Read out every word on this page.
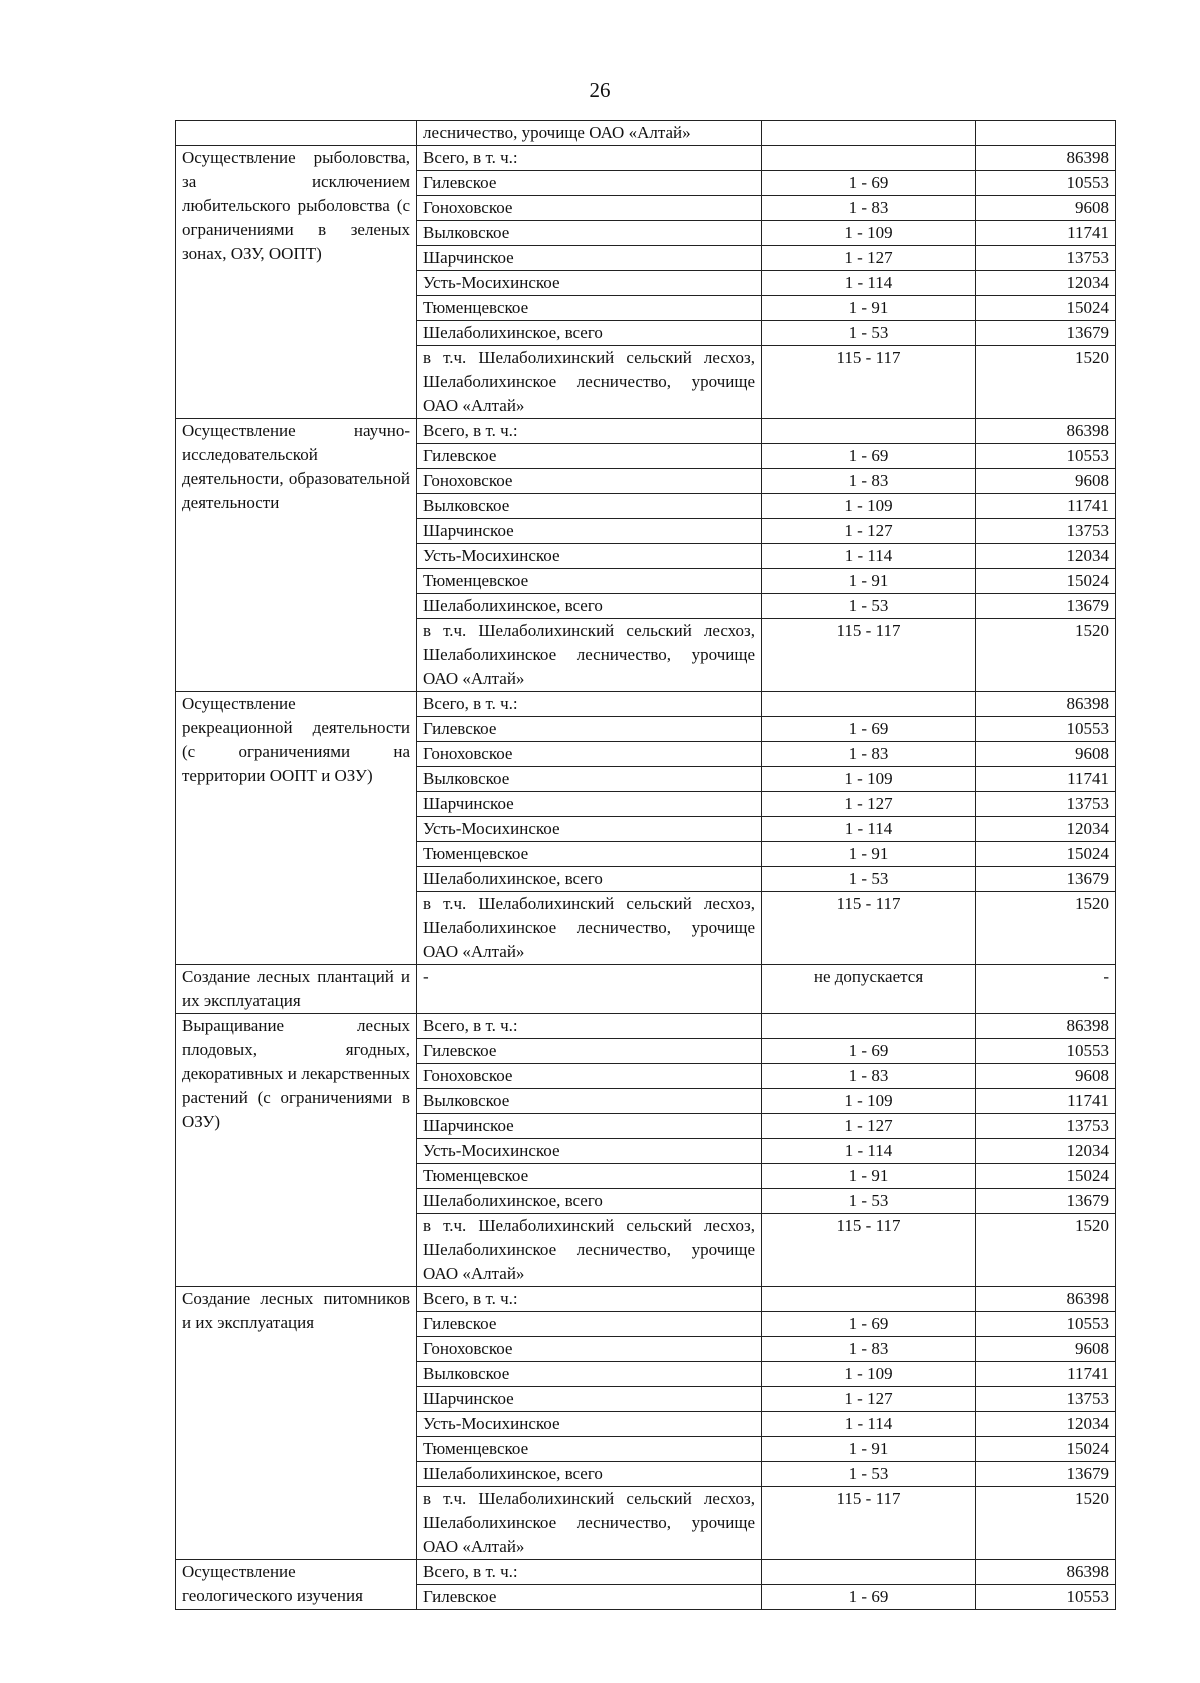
26
	лесничество, урочище ОАО «Алтай»		
Осуществление рыболовства, за исключением любительского рыболовства (с ограничениями в зеленых зонах, ОЗУ, ООПТ)	Всего, в т. ч.:		86398
	Гилевское	1 - 69	10553
	Гоноховское	1 - 83	9608
	Вылковское	1 - 109	11741
	Шарчинское	1 - 127	13753
	Усть-Мосихинское	1 - 114	12034
	Тюменцевское	1 - 91	15024
	Шелаболихинское, всего	1 - 53	13679
	в т.ч. Шелаболихинский сельский лесхоз, Шелаболихинское лесничество, урочище ОАО «Алтай»	115 - 117	1520
Осуществление научно-исследовательской деятельности, образовательной деятельности	Всего, в т. ч.:		86398
	Гилевское	1 - 69	10553
	Гоноховское	1 - 83	9608
	Вылковское	1 - 109	11741
	Шарчинское	1 - 127	13753
	Усть-Мосихинское	1 - 114	12034
	Тюменцевское	1 - 91	15024
	Шелаболихинское, всего	1 - 53	13679
	в т.ч. Шелаболихинский сельский лесхоз, Шелаболихинское лесничество, урочище ОАО «Алтай»	115 - 117	1520
Осуществление рекреационной деятельности (с ограничениями на территории ООПТ и ОЗУ)	Всего, в т. ч.:		86398
	Гилевское	1 - 69	10553
	Гоноховское	1 - 83	9608
	Вылковское	1 - 109	11741
	Шарчинское	1 - 127	13753
	Усть-Мосихинское	1 - 114	12034
	Тюменцевское	1 - 91	15024
	Шелаболихинское, всего	1 - 53	13679
	в т.ч. Шелаболихинский сельский лесхоз, Шелаболихинское лесничество, урочище ОАО «Алтай»	115 - 117	1520
Создание лесных плантаций и их эксплуатация	-	не допускается	-
Выращивание лесных плодовых, ягодных, декоративных и лекарственных растений (с ограничениями в ОЗУ)	Всего, в т. ч.:		86398
	Гилевское	1 - 69	10553
	Гоноховское	1 - 83	9608
	Вылковское	1 - 109	11741
	Шарчинское	1 - 127	13753
	Усть-Мосихинское	1 - 114	12034
	Тюменцевское	1 - 91	15024
	Шелаболихинское, всего	1 - 53	13679
	в т.ч. Шелаболихинский сельский лесхоз, Шелаболихинское лесничество, урочище ОАО «Алтай»	115 - 117	1520
Создание лесных питомников и их эксплуатация	Всего, в т. ч.:		86398
	Гилевское	1 - 69	10553
	Гоноховское	1 - 83	9608
	Вылковское	1 - 109	11741
	Шарчинское	1 - 127	13753
	Усть-Мосихинское	1 - 114	12034
	Тюменцевское	1 - 91	15024
	Шелаболихинское, всего	1 - 53	13679
	в т.ч. Шелаболихинский сельский лесхоз, Шелаболихинское лесничество, урочище ОАО «Алтай»	115 - 117	1520
Осуществление геологического изучения	Всего, в т. ч.:		86398
	Гилевское	1 - 69	10553
